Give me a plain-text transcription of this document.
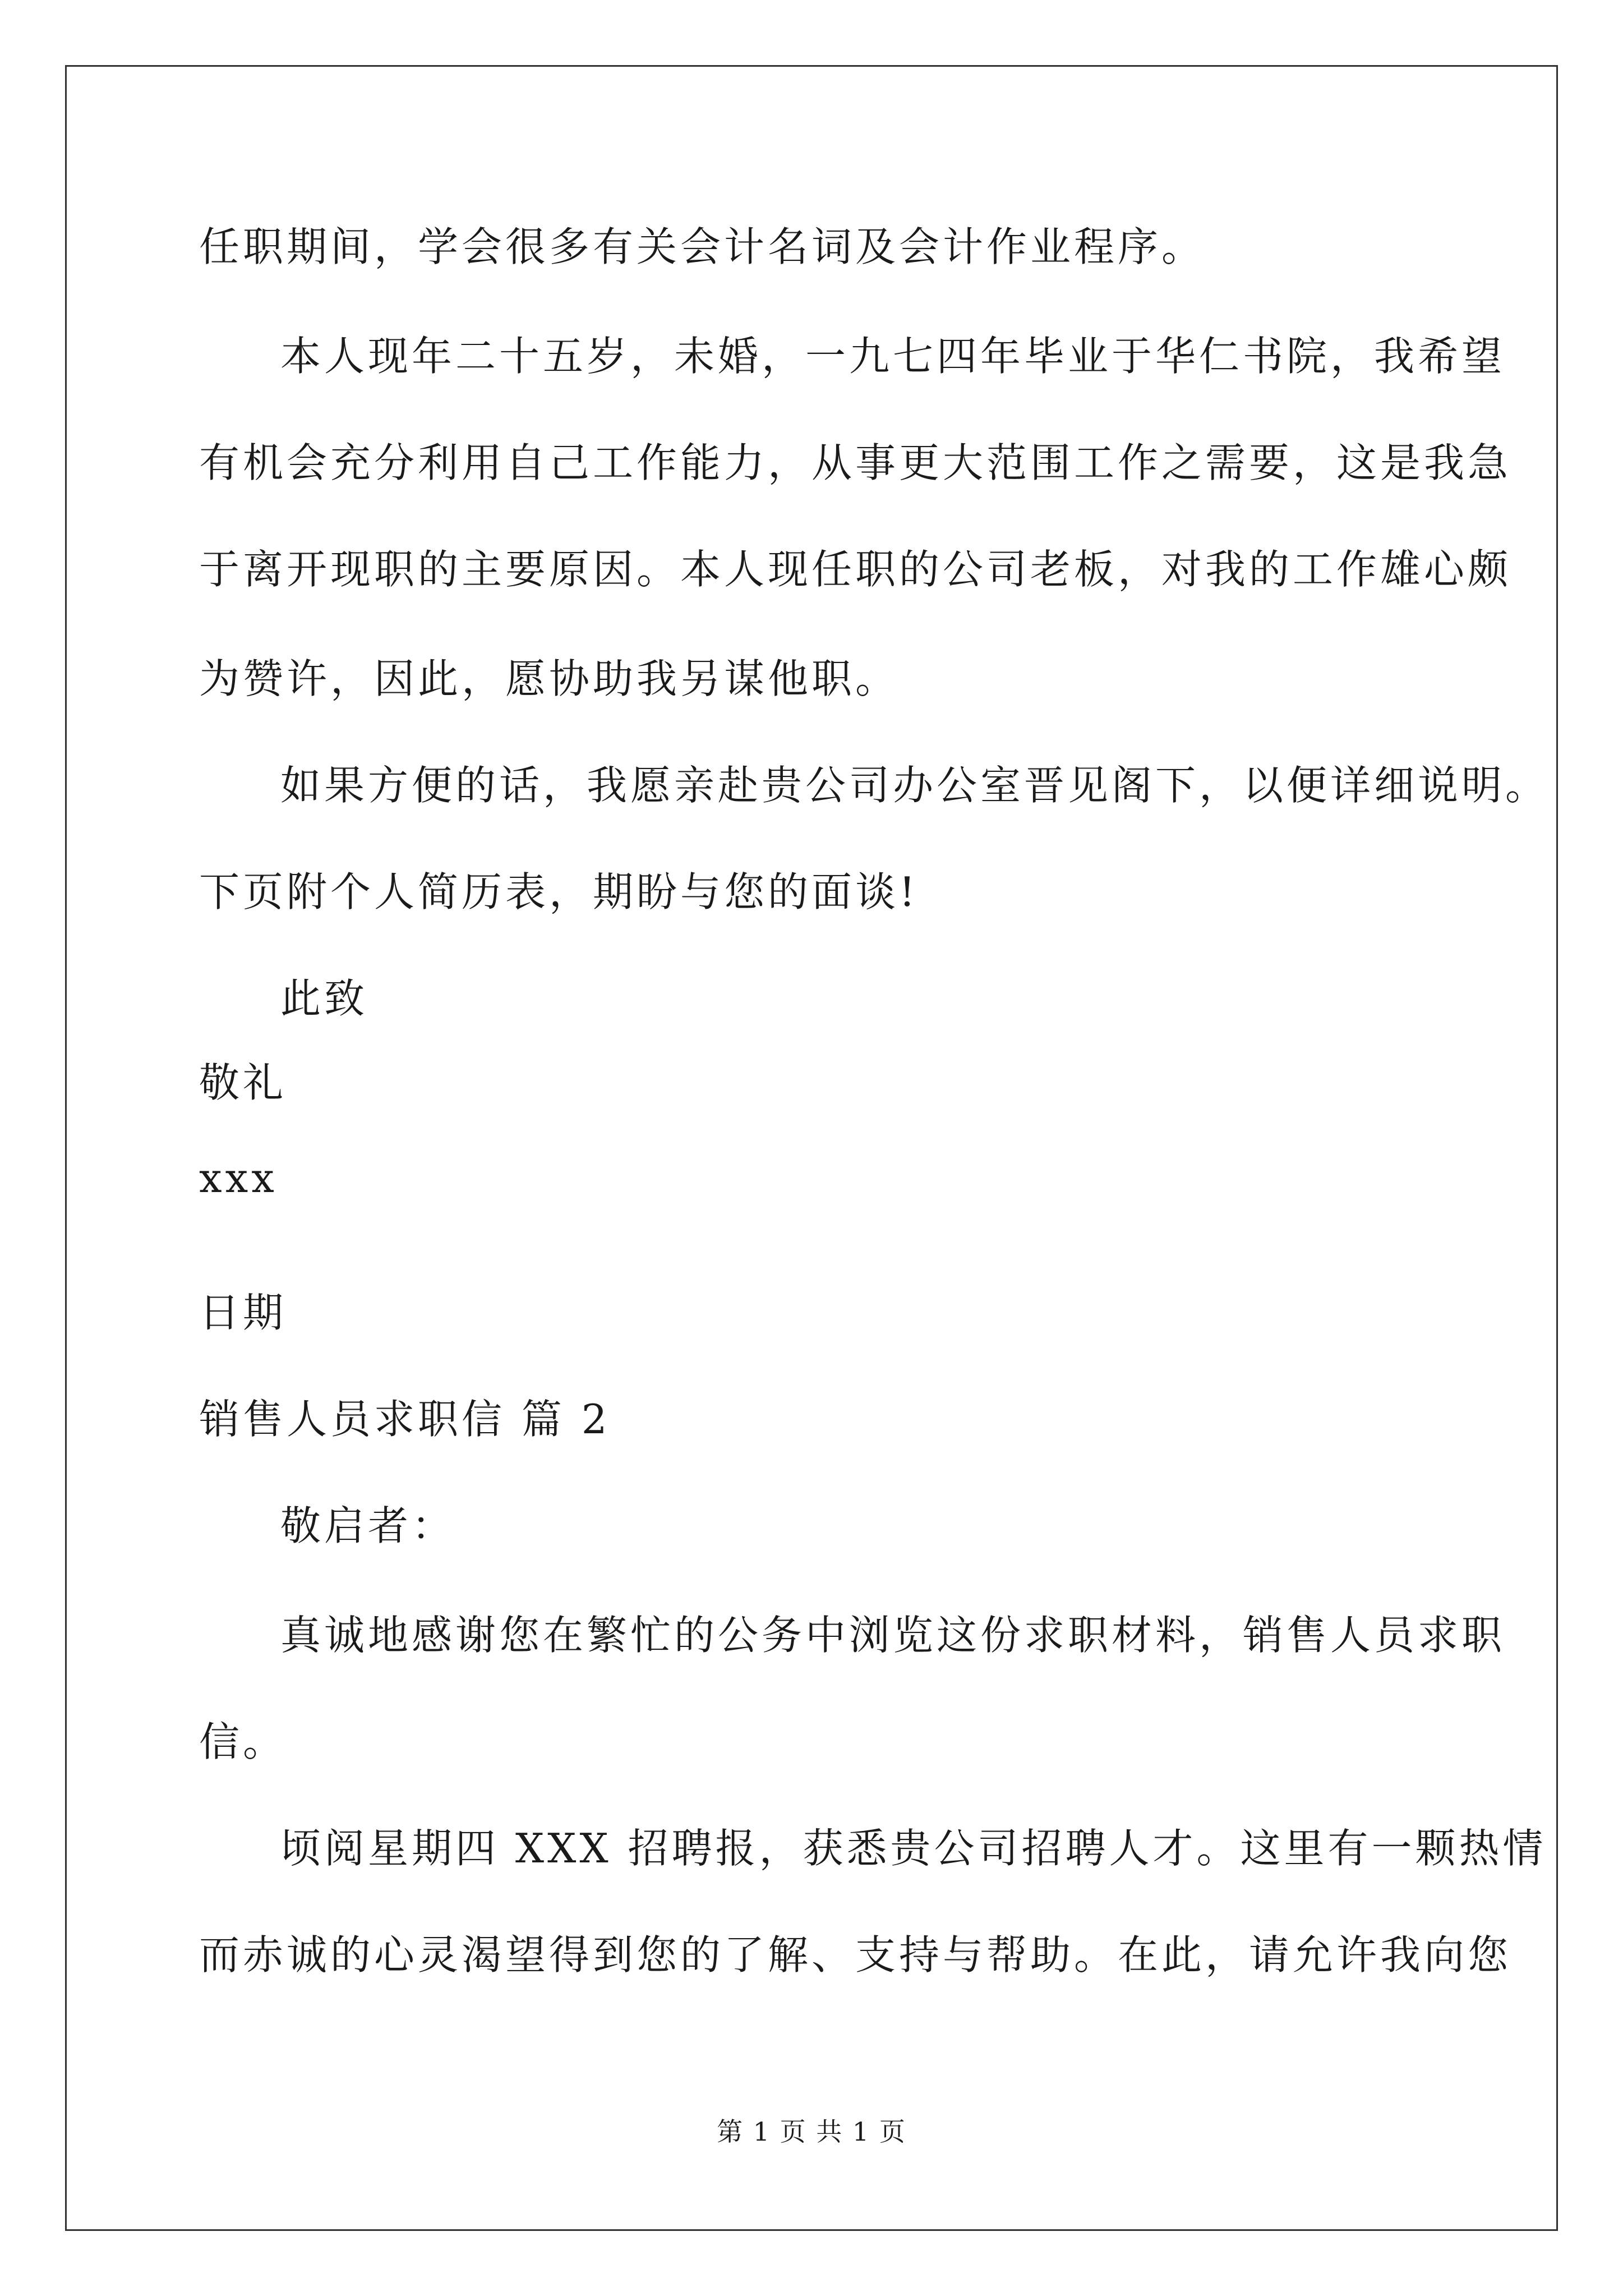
任职期间，学会很多有关会计名词及会计作业程序。

本人现年二十五岁，未婚，一九七四年毕业于华仁书院，我希望

有机会充分利用自己工作能力，从事更大范围工作之需要，这是我急

于离开现职的主要原因。本人现任职的公司老板，对我的工作雄心颇

为赞许，因此，愿协助我另谋他职。

如果方便的话，我愿亲赴贵公司办公室晋见阁下，以便详细说明。

下页附个人简历表，期盼与您的面谈!

此致

敬礼

xxx

日期

销售人员求职信 篇 2

敬启者：

真诚地感谢您在繁忙的公务中浏览这份求职材料，销售人员求职

信。

顷阅星期四 XXX 招聘报，获悉贵公司招聘人才。这里有一颗热情

而赤诚的心灵渴望得到您的了解、支持与帮助。在此，请允许我向您

第 1 页 共 1 页
